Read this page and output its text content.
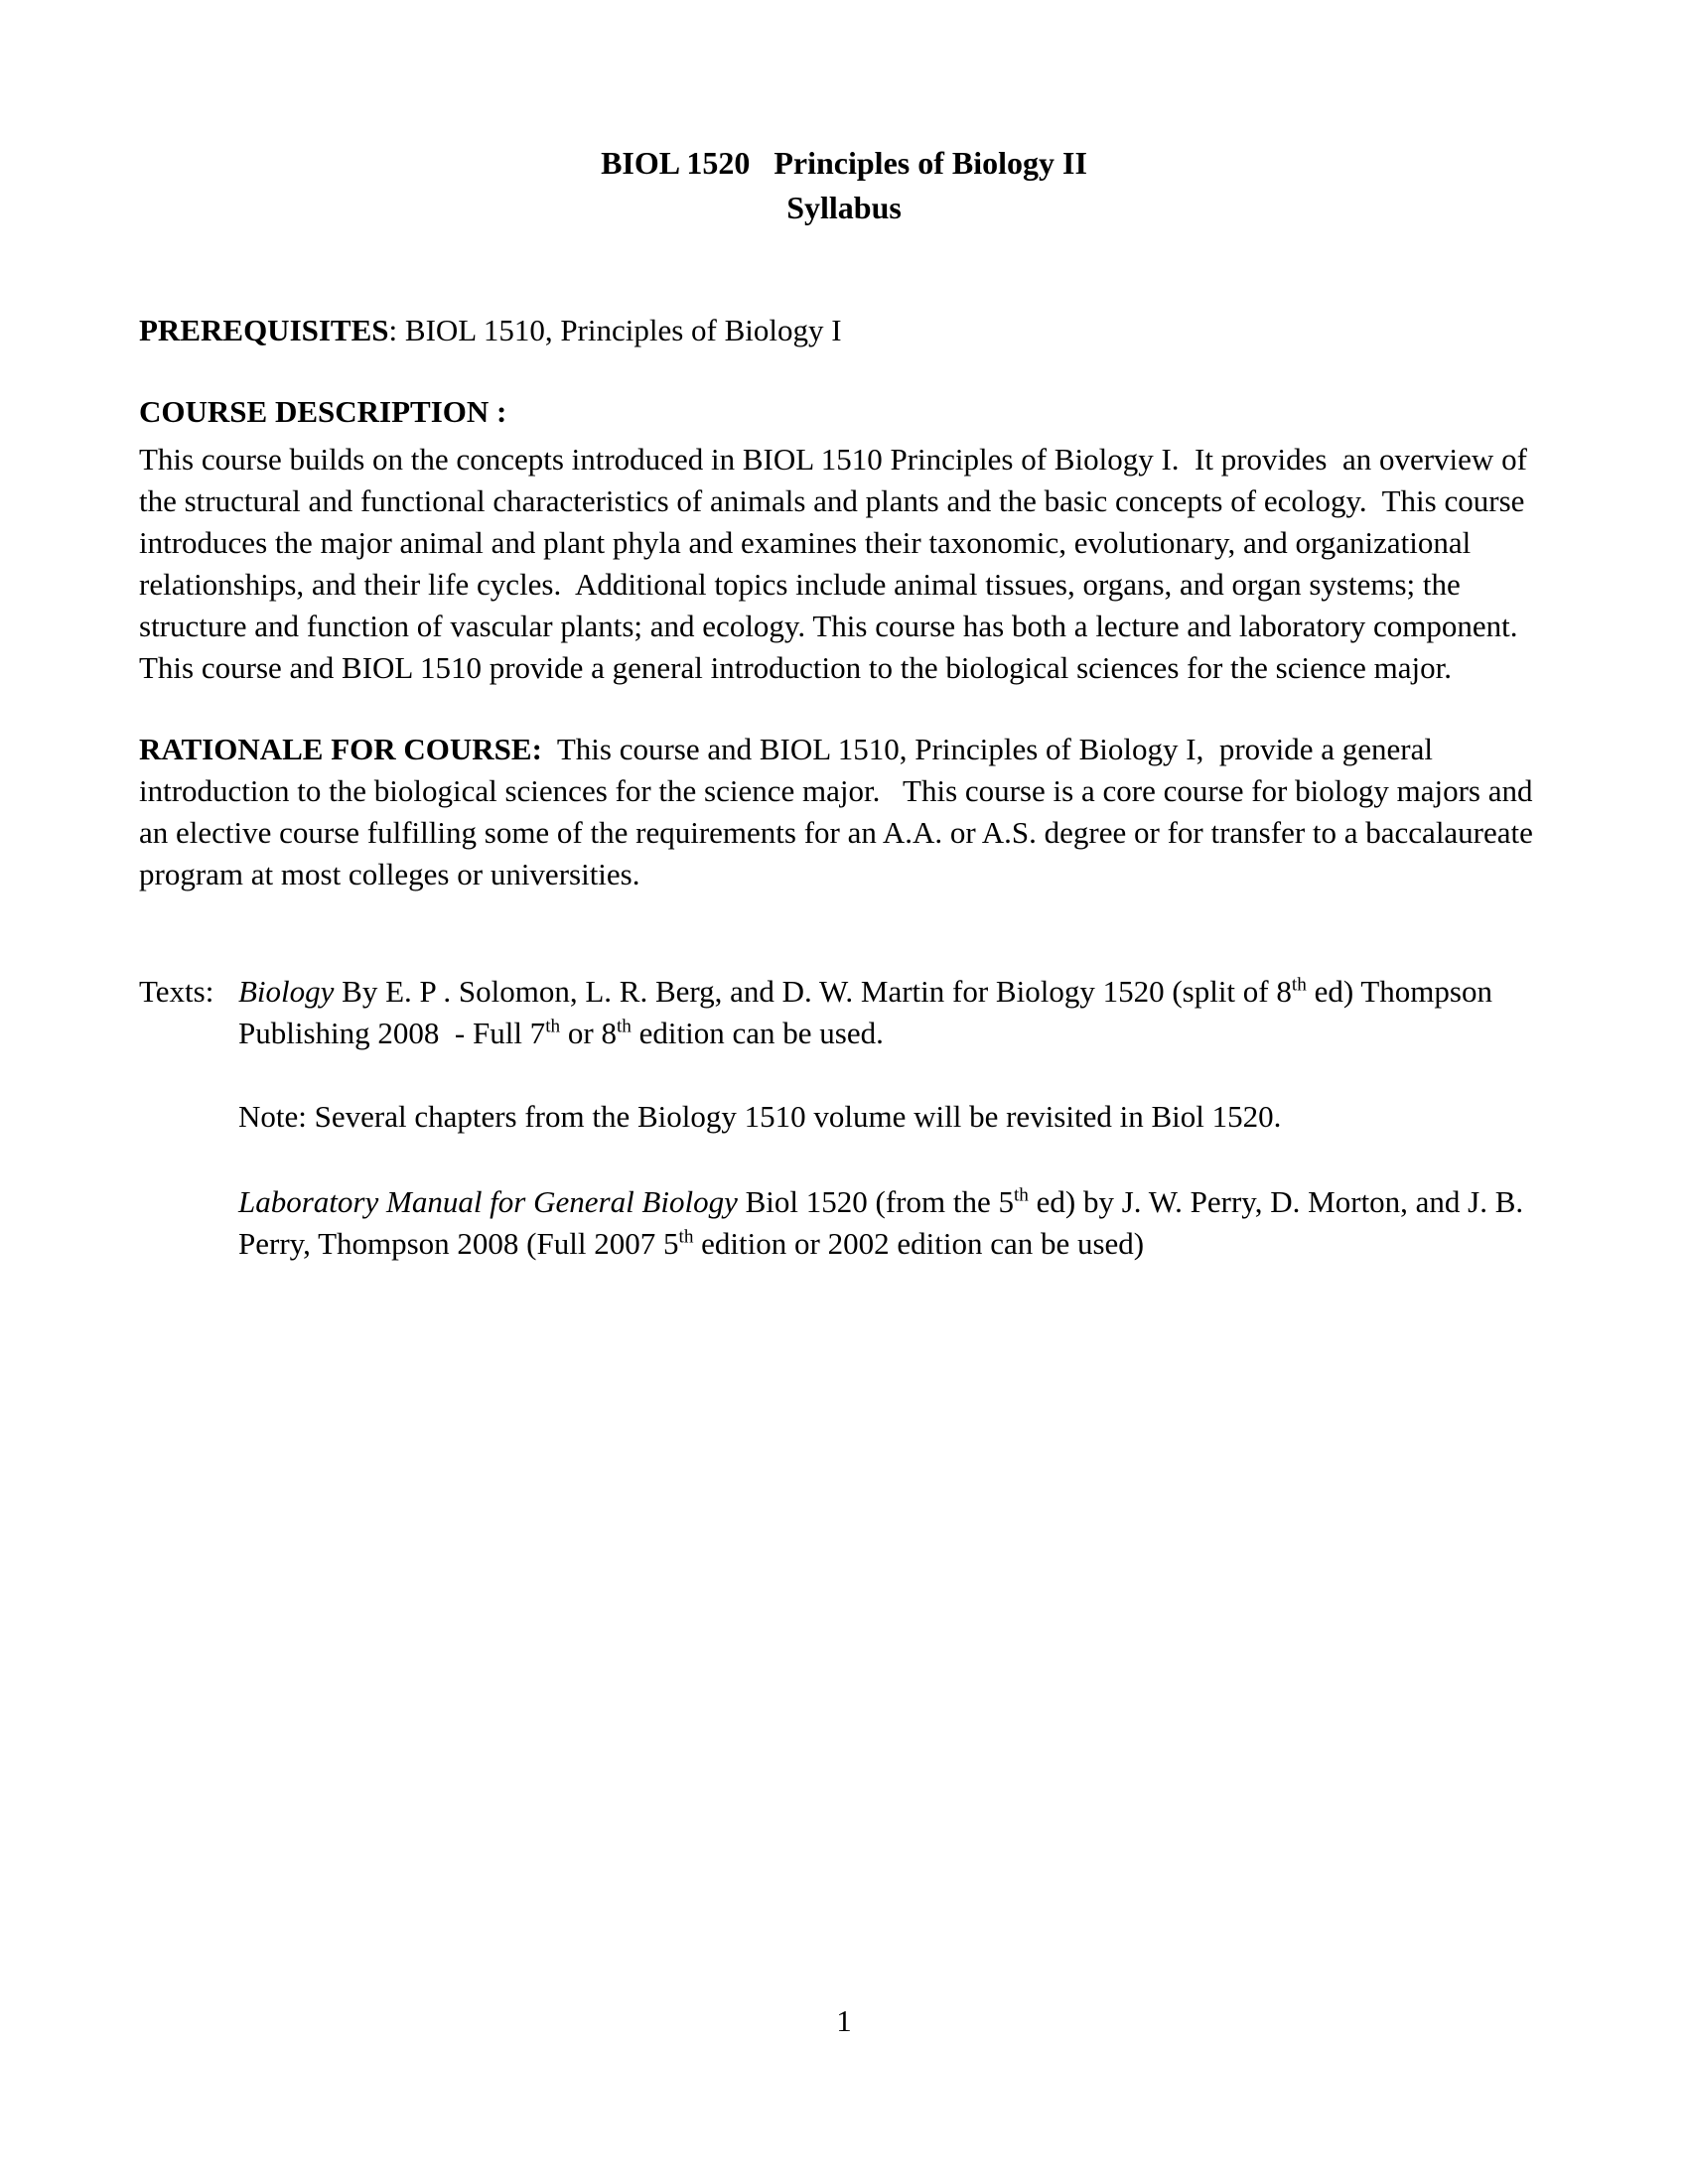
BIOL 1520   Principles of Biology II
Syllabus

PREREQUISITES: BIOL 1510, Principles of Biology I

COURSE DESCRIPTION :

This course builds on the concepts introduced in BIOL 1510 Principles of Biology I.  It provides  an overview of the structural and functional characteristics of animals and plants and the basic concepts of ecology.  This course introduces the major animal and plant phyla and examines their taxonomic, evolutionary, and organizational relationships, and their life cycles.  Additional topics include animal tissues, organs, and organ systems; the structure and function of vascular plants; and ecology. This course has both a lecture and laboratory component. This course and BIOL 1510 provide a general introduction to the biological sciences for the science major.

RATIONALE FOR COURSE:  This course and BIOL 1510, Principles of Biology I,  provide a general introduction to the biological sciences for the science major.   This course is a core course for biology majors and an elective course fulfilling some of the requirements for an A.A. or A.S. degree or for transfer to a baccalaureate program at most colleges or universities.

Texts: Biology By E. P . Solomon, L. R. Berg, and D. W. Martin for Biology 1520 (split of 8th ed) Thompson Publishing 2008  - Full 7th or 8th edition can be used.

Note: Several chapters from the Biology 1510 volume will be revisited in Biol 1520.

Laboratory Manual for General Biology Biol 1520 (from the 5th ed) by J. W. Perry, D. Morton, and J. B. Perry, Thompson 2008 (Full 2007 5th edition or 2002 edition can be used)

1
